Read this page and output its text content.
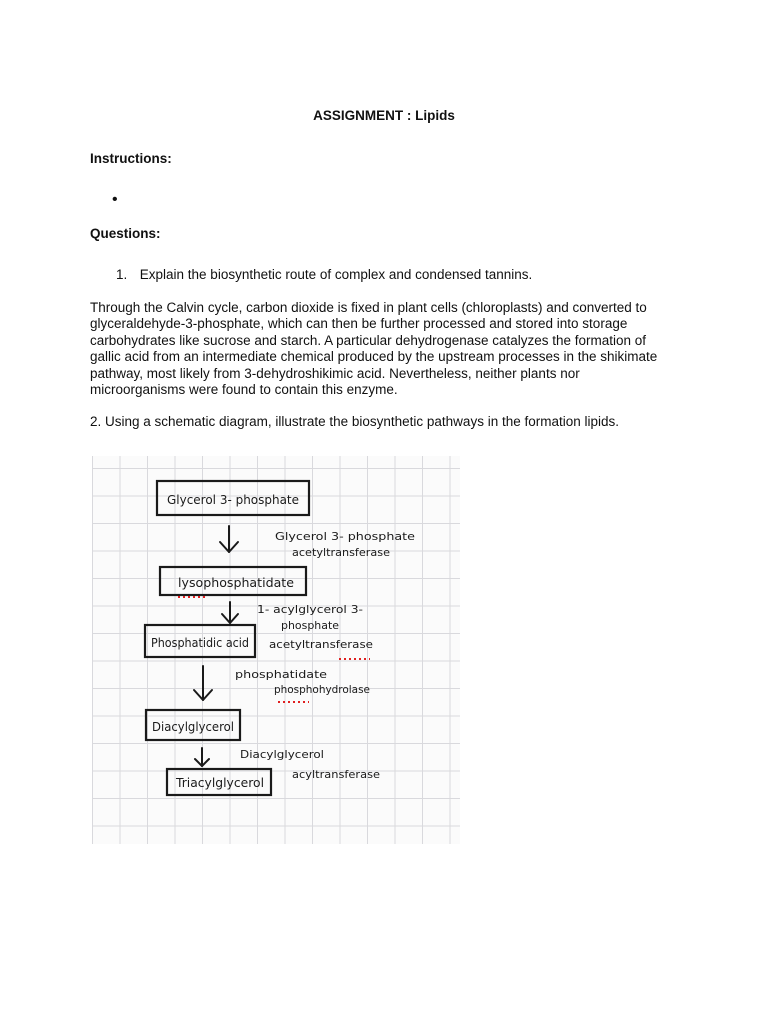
ASSIGNMENT : Lipids
Instructions:
•
Questions:
1. Explain the biosynthetic route of complex and condensed tannins.
Through the Calvin cycle, carbon dioxide is fixed in plant cells (chloroplasts) and converted to
glyceraldehyde-3-phosphate, which can then be further processed and stored into storage
carbohydrates like sucrose and starch. A particular dehydrogenase catalyzes the formation of
gallic acid from an intermediate chemical produced by the upstream processes in the shikimate
pathway, most likely from 3-dehydroshikimic acid. Nevertheless, neither plants nor
microorganisms were found to contain this enzyme.
2. Using a schematic diagram, illustrate the biosynthetic pathways in the formation lipids.
Glycerol 3- phosphate
lysophosphatidate
Phosphatidic acid
Diacylglycerol
Triacylglycerol
Glycerol 3- phosphate
acetyltransferase
1- acylglycerol 3-
phosphate
acetyltransferase
phosphatidate
phosphohydrolase
Diacylglycerol
acyltransferase
